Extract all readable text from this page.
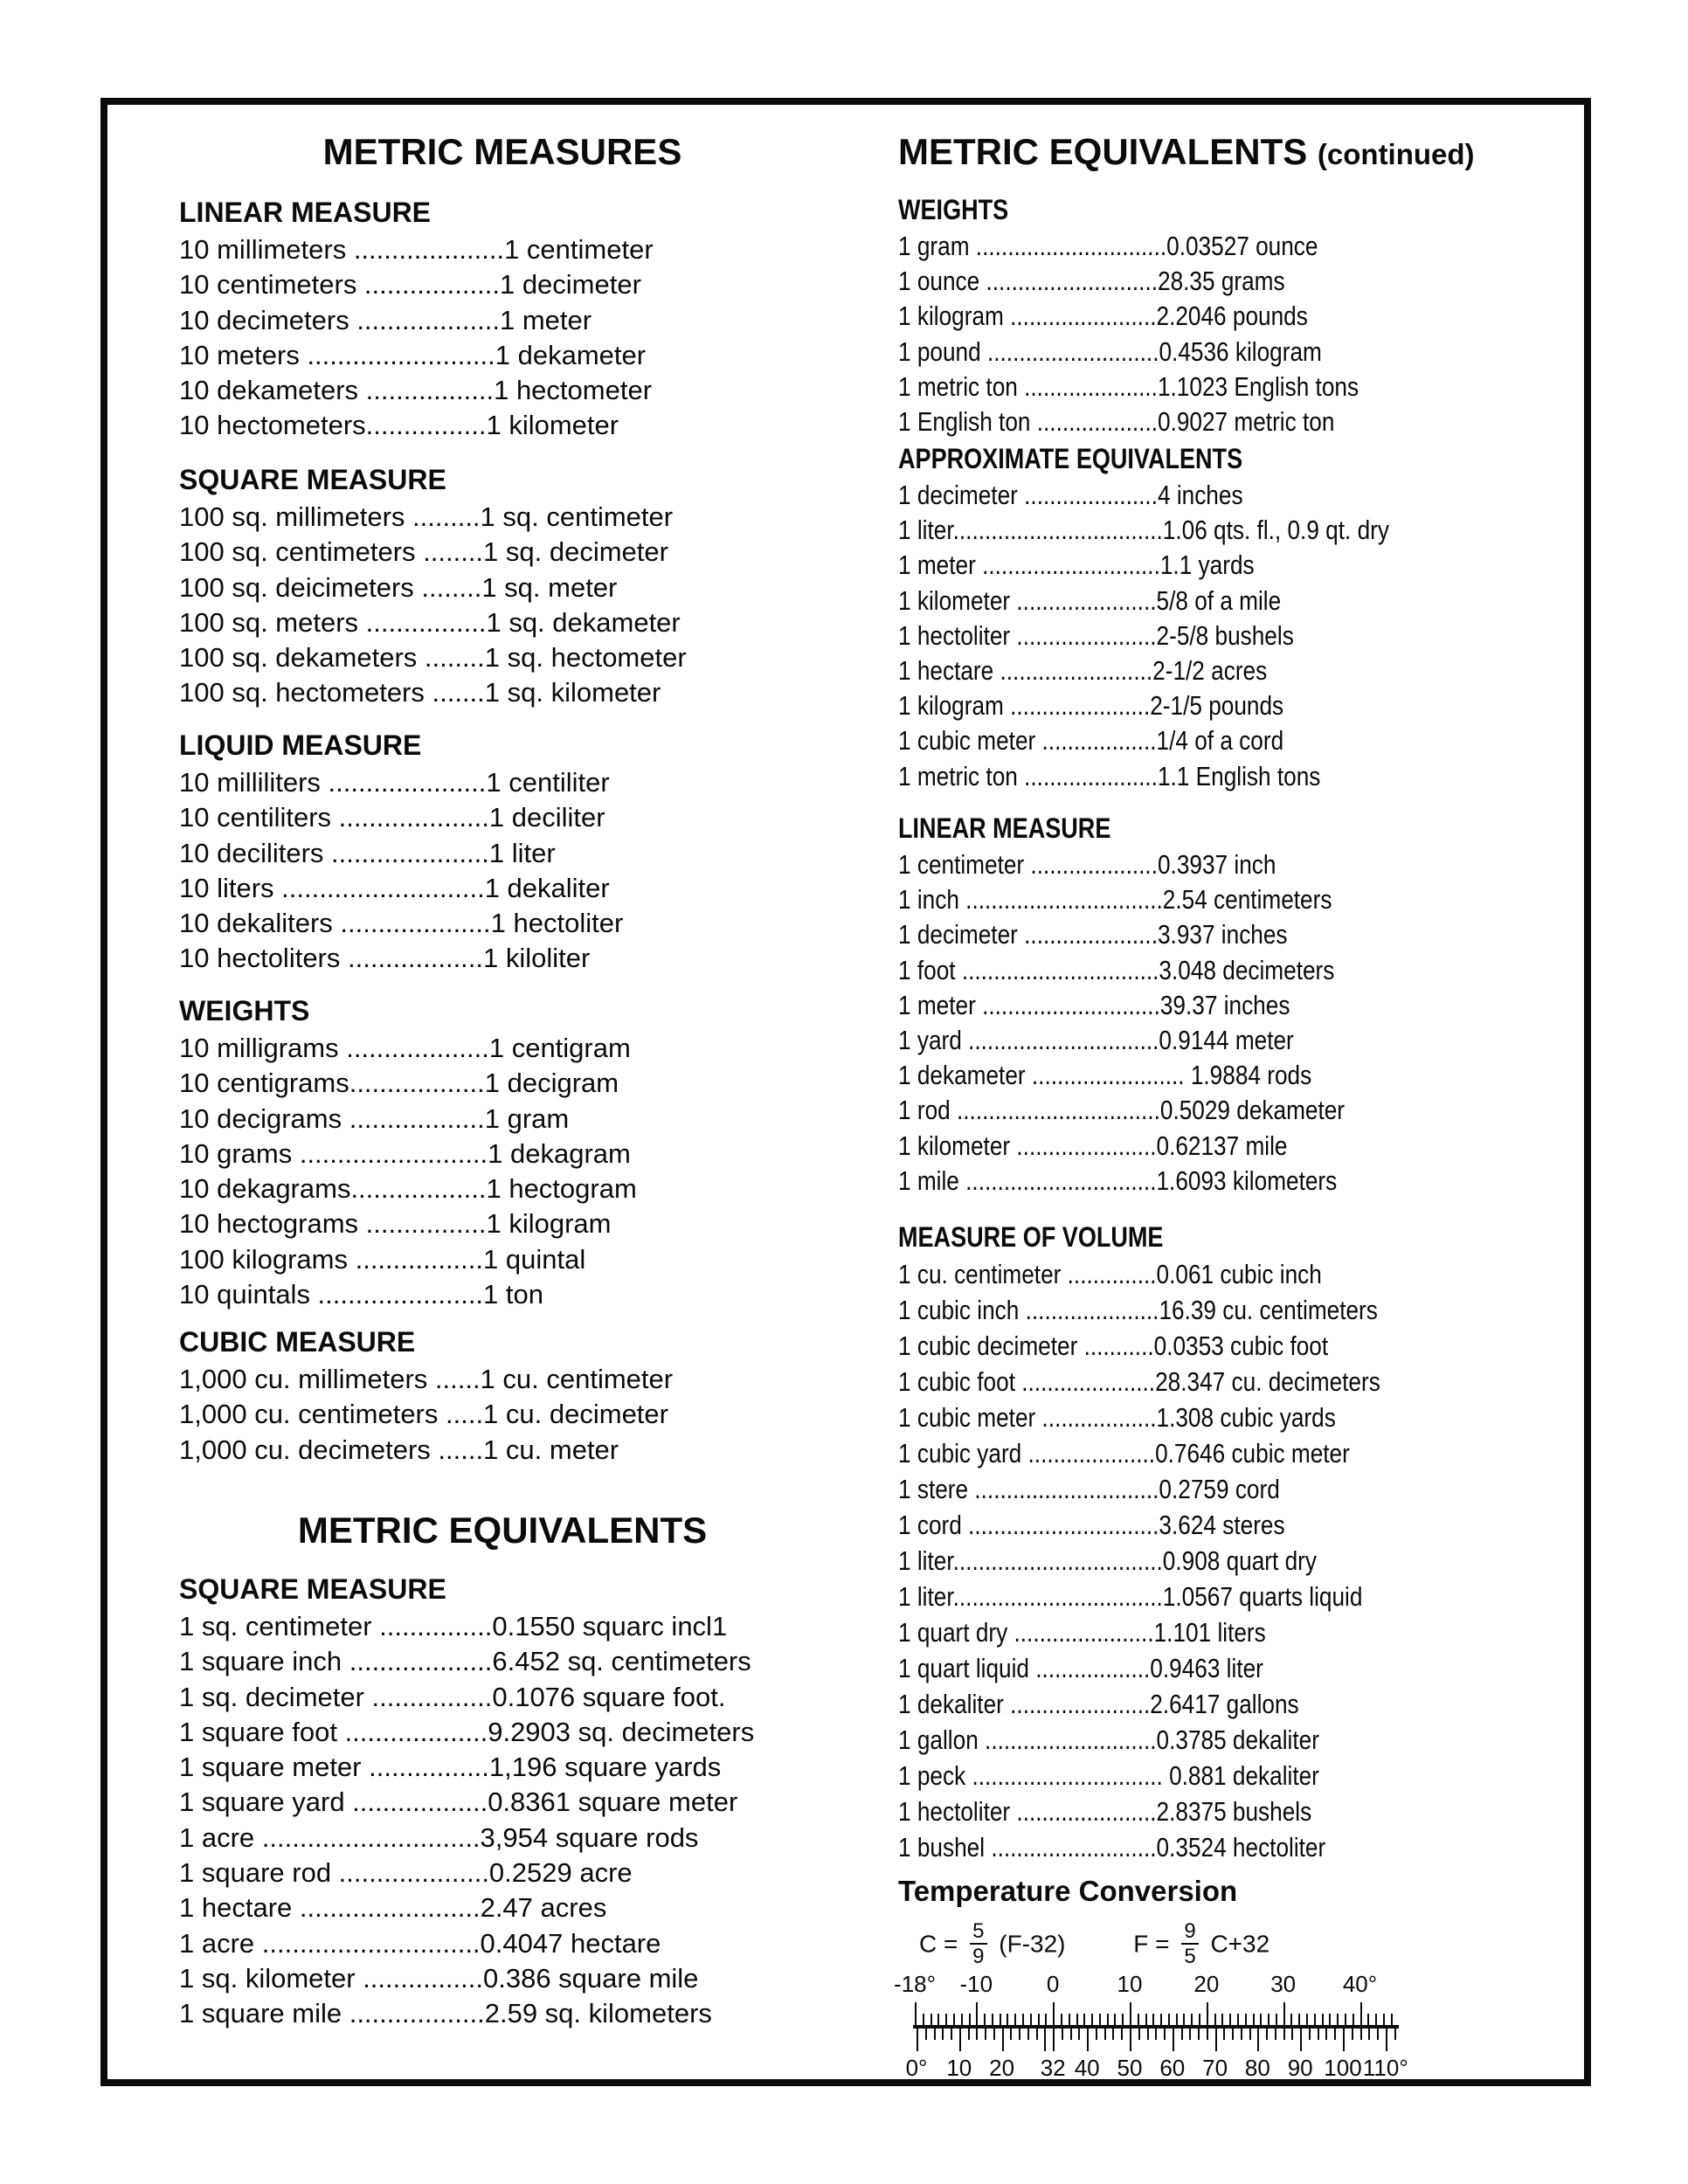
METRIC MEASURES
LINEAR MEASURE
10 millimeters ....................1 centimeter
10 centimeters ..................1 decimeter
10 decimeters ...................1 meter
10 meters .........................1 dekameter
10 dekameters .................1 hectometer
10 hectometers................1 kilometer
SQUARE MEASURE
100 sq. millimeters .........1 sq. centimeter
100 sq. centimeters ........1 sq. decimeter
100 sq. deicimeters ........1 sq. meter
100 sq. meters ................1 sq. dekameter
100 sq. dekameters ........1 sq. hectometer
100 sq. hectometers .......1 sq. kilometer
LIQUID MEASURE
10 milliliters .....................1 centiliter
10 centiliters ....................1 deciliter
10 deciliters .....................1 liter
10 liters ...........................1 dekaliter
10 dekaliters ....................1 hectoliter
10 hectoliters ..................1 kiloliter
WEIGHTS
10 milligrams ...................1 centigram
10 centigrams..................1 decigram
10 decigrams ..................1 gram
10 grams .........................1 dekagram
10 dekagrams..................1 hectogram
10 hectograms ................1 kilogram
100 kilograms .................1 quintal
10 quintals ......................1 ton
CUBIC MEASURE
1,000 cu. millimeters ......1 cu. centimeter
1,000 cu. centimeters .....1 cu. decimeter
1,000 cu. decimeters ......1 cu. meter
METRIC EQUIVALENTS
SQUARE MEASURE
1 sq. centimeter ...............0.1550 squarc incl1
1 square inch ...................6.452 sq. centimeters
1 sq. decimeter ................0.1076 square foot.
1 square foot ...................9.2903 sq. decimeters
1 square meter ................1,196 square yards
1 square yard ..................0.8361 square meter
1 acre .............................3,954 square rods
1 square rod ....................0.2529 acre
1 hectare ........................2.47 acres
1 acre .............................0.4047 hectare
1 sq. kilometer ................0.386 square mile
1 square mile ..................2.59 sq. kilometers
METRIC EQUIVALENTS (continued)
WEIGHTS
1 gram ..............................0.03527 ounce
1 ounce ...........................28.35 grams
1 kilogram .......................2.2046 pounds
1 pound ...........................0.4536 kilogram
1 metric ton .....................1.1023 English tons
1 English ton ...................0.9027 metric ton
APPROXIMATE EQUIVALENTS
1 decimeter .....................4 inches
1 liter.................................1.06 qts. fl., 0.9 qt. dry
1 meter ............................1.1 yards
1 kilometer ......................5/8 of a mile
1 hectoliter ......................2-5/8 bushels
1 hectare ........................2-1/2 acres
1 kilogram ......................2-1/5 pounds
1 cubic meter ..................1/4 of a cord
1 metric ton .....................1.1 English tons
LINEAR MEASURE
1 centimeter ....................0.3937 inch
1 inch ...............................2.54 centimeters
1 decimeter .....................3.937 inches
1 foot ...............................3.048 decimeters
1 meter ............................39.37 inches
1 yard ..............................0.9144 meter
1 dekameter ........................ 1.9884 rods
1 rod ................................0.5029 dekameter
1 kilometer ......................0.62137 mile
1 mile ..............................1.6093 kilometers
MEASURE OF VOLUME
1 cu. centimeter ..............0.061 cubic inch
1 cubic inch .....................16.39 cu. centimeters
1 cubic decimeter ...........0.0353 cubic foot
1 cubic foot .....................28.347 cu. decimeters
1 cubic meter ..................1.308 cubic yards
1 cubic yard ....................0.7646 cubic meter
1 stere .............................0.2759 cord
1 cord ..............................3.624 steres
1 liter.................................0.908 quart dry
1 liter.................................1.0567 quarts liquid
1 quart dry ......................1.101 liters
1 quart liquid ..................0.9463 liter
1 dekaliter ......................2.6417 gallons
1 gallon ...........................0.3785 dekaliter
1 peck .............................. 0.881 dekaliter
1 hectoliter ......................2.8375 bushels
1 bushel ..........................0.3524 hectoliter
Temperature Conversion
$C = \frac{5}{9} (F-32)$	$F = \frac{9}{5} C+32$
-18° -10 0	10 20 30 40°
0° 10 20 32 40 50 60 70 80 90 100 110°
